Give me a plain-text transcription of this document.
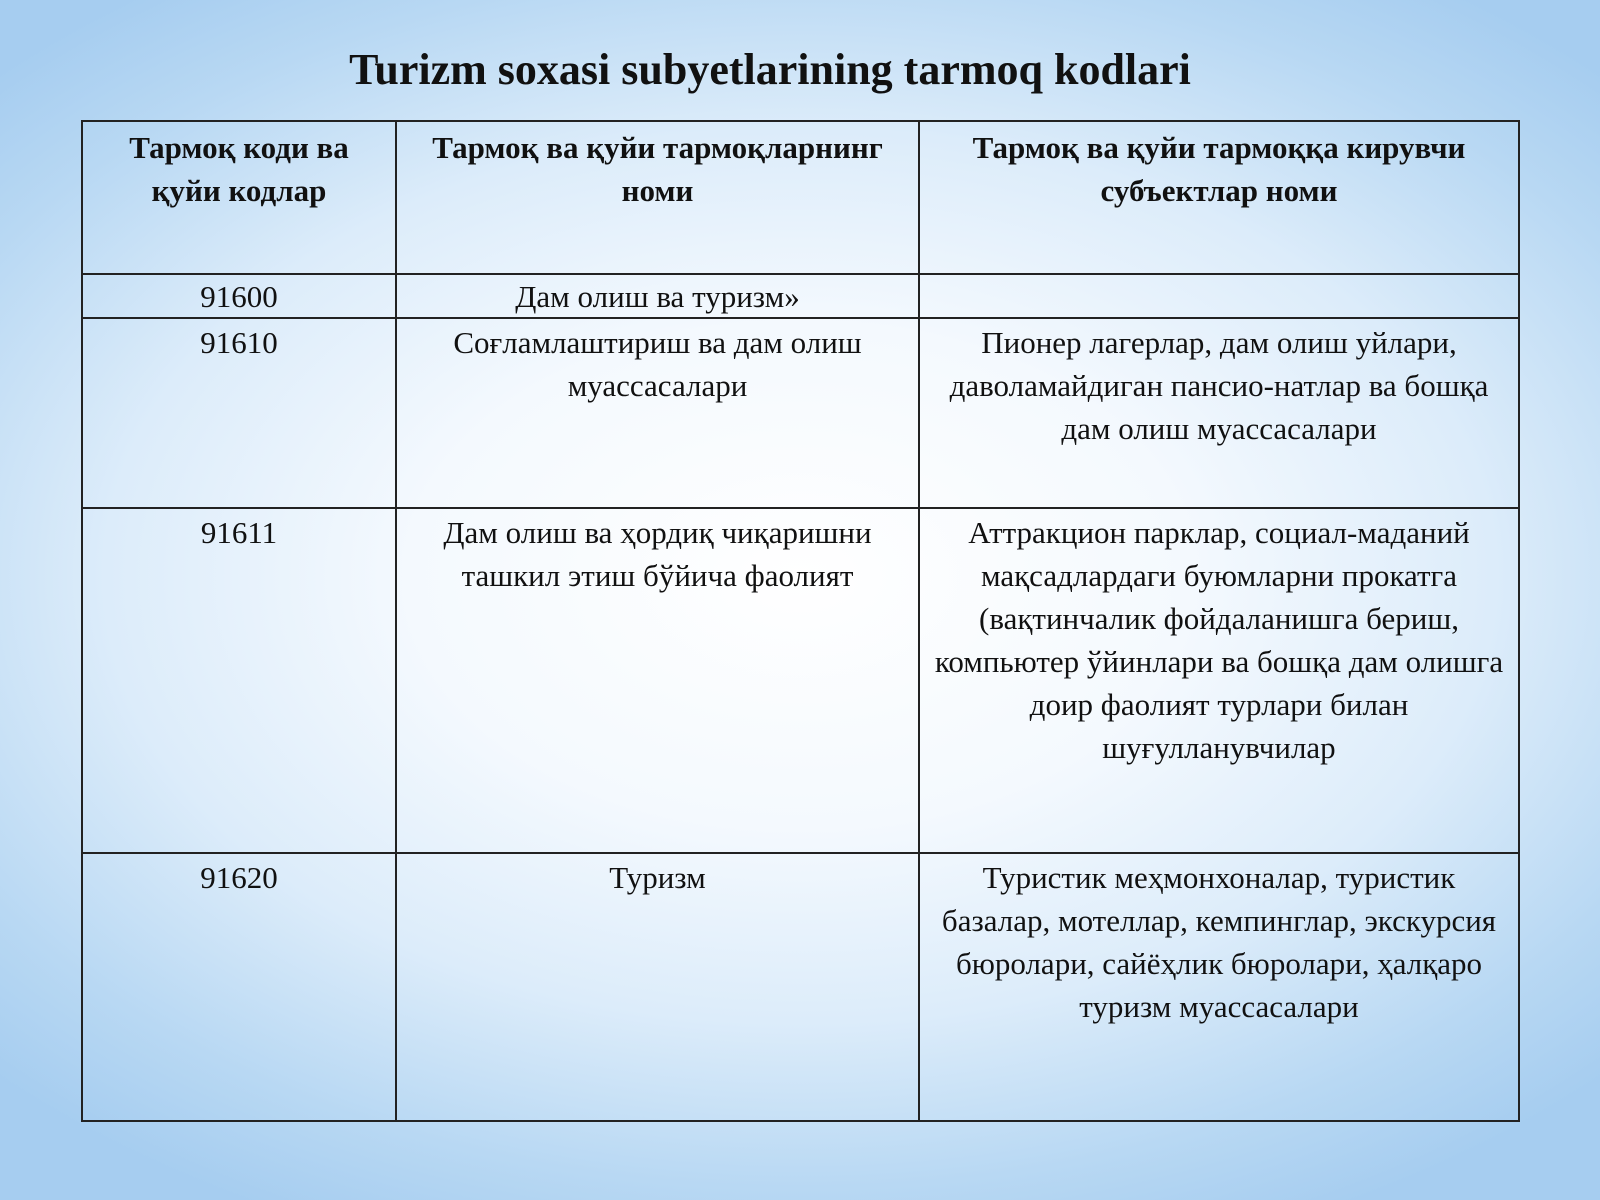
Turizm soxasi subyetlarining tarmoq kodlari
Тармоқ коди ва қуйи кодлар	Тармоқ ва қуйи тармоқларнинг номи	Тармоқ ва қуйи тармоққа кирувчи субъектлар номи
91600	Дам олиш ва туризм»	
91610	Соғламлаштириш ва дам олиш муассасалари	Пионер лагерлар, дам олиш уйлари, даволамайдиган пансио-натлар ва бошқа дам олиш муассасалари
91611	Дам олиш ва ҳордиқ чиқаришни ташкил этиш бўйича фаолият	Аттракцион парклар, социал-маданий мақсадлардаги буюмларни прокатга (вақтинчалик фойдаланишга бериш, компьютер ўйинлари ва бошқа дам олишга доир фаолият турлари билан шуғулланувчилар
91620	Туризм	Туристик меҳмонхоналар, туристик базалар, мотеллар, кемпинглар, экскурсия бюролари, сайёҳлик бюролари, ҳалқаро туризм муассасалари
